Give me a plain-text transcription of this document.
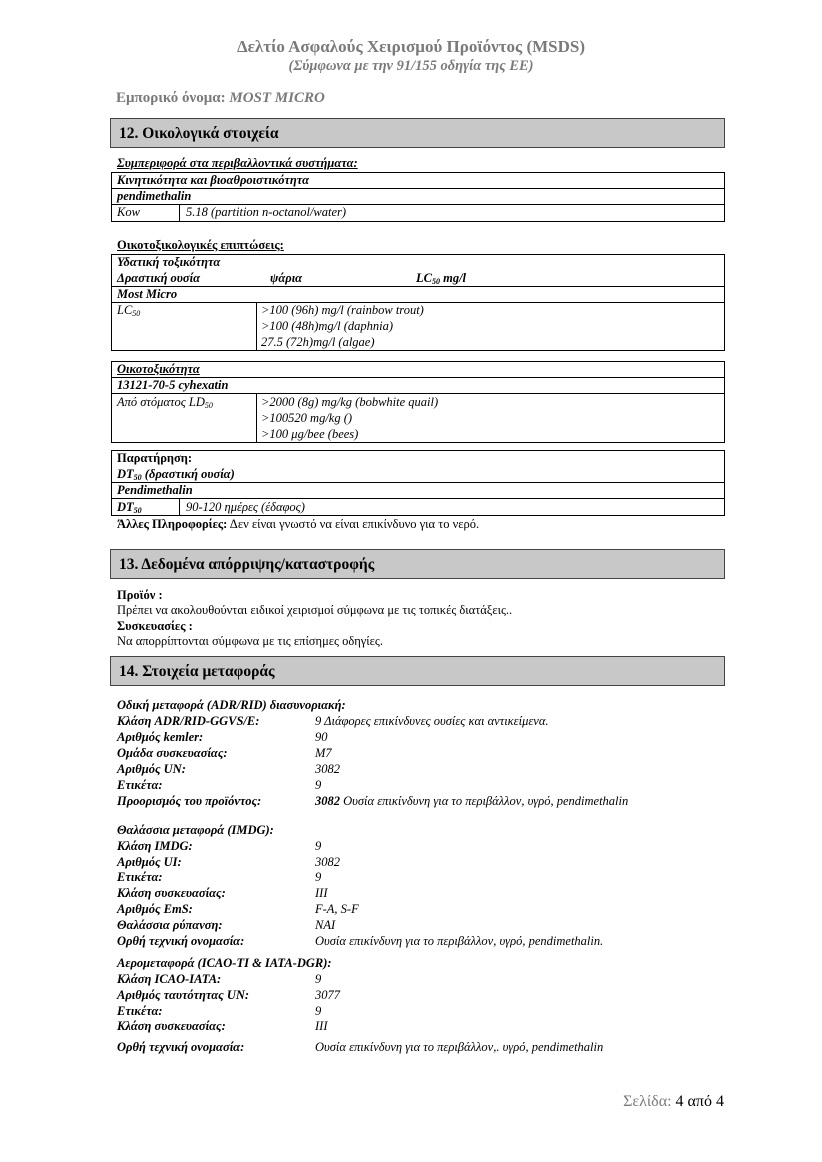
Δελτίο Ασφαλούς Χειρισμού Προϊόντος (MSDS)
(Σύμφωνα με την 91/155 οδηγία της ΕΕ)
Εμπορικό όνομα: MOST MICRO
12. Οικολογικά στοιχεία
Συμπεριφορά στα περιβαλλοντικά συστήματα:
Κινητικότητα και βιοαθροιστικότητα
pendimethalin
Kow	5.18 (partition n-octanol/water)
Οικοτοξικολογικές επιπτώσεις:
Υδατική τοξικότητα
Δραστική ουσία	ψάρια	$LC_{50}$ mg/l
Most Micro
$LC_{50}$	>100 (96h) mg/l (rainbow trout)
>100 (48h)mg/l (daphnia)
27.5 (72h)mg/l (algae)
Οικοτοξικότητα
13121-70-5 cyhexatin
Από στόματος $LD_{50}$	>2000 (8g) mg/kg (bobwhite quail)
>100520 mg/kg ()
>100 μg/bee (bees)
Παρατήρηση:
$DT_{50}$ (δραστική ουσία)
Pendimethalin
$DT_{50}$	90-120 ημέρες (έδαφος)
Άλλες Πληροφορίες: Δεν είναι γνωστό να είναι επικίνδυνο για το νερό.
13. Δεδομένα απόρριψης/καταστροφής
Προϊόν :
Πρέπει να ακολουθούνται ειδικοί χειρισμοί σύμφωνα με τις τοπικές διατάξεις..
Συσκευασίες :
Να απορρίπτονται σύμφωνα με τις επίσημες οδηγίες.
14. Στοιχεία μεταφοράς
Οδική μεταφορά (ADR/RID) διασυνοριακή:
Κλάση ADR/RID-GGVS/E:	9 Διάφορες επικίνδυνες ουσίες και αντικείμενα.
Αριθμός kemler:	90
Ομάδα συσκευασίας:	M7
Αριθμός UN:	3082
Ετικέτα:	9
Προορισμός του προϊόντος:	3082 Ουσία επικίνδυνη για το περιβάλλον, υγρό, pendimethalin
Θαλάσσια μεταφορά (IMDG):
Κλάση IMDG:	9
Αριθμός UI:	3082
Ετικέτα:	9
Κλάση συσκευασίας:	III
Αριθμός EmS:	F-A, S-F
Θαλάσσια ρύπανση:	ΝΑΙ
Ορθή τεχνική ονομασία:	Ουσία επικίνδυνη για το περιβάλλον, υγρό, pendimethalin.
Αερομεταφορά (ICAO-TI & IATA-DGR):
Κλάση ICAO-IATA:	9
Αριθμός ταυτότητας UN:	3077
Ετικέτα:	9
Κλάση συσκευασίας:	III
Ορθή τεχνική ονομασία:	Ουσία επικίνδυνη για το περιβάλλον,. υγρό, pendimethalin
Σελίδα: 4 από 4
